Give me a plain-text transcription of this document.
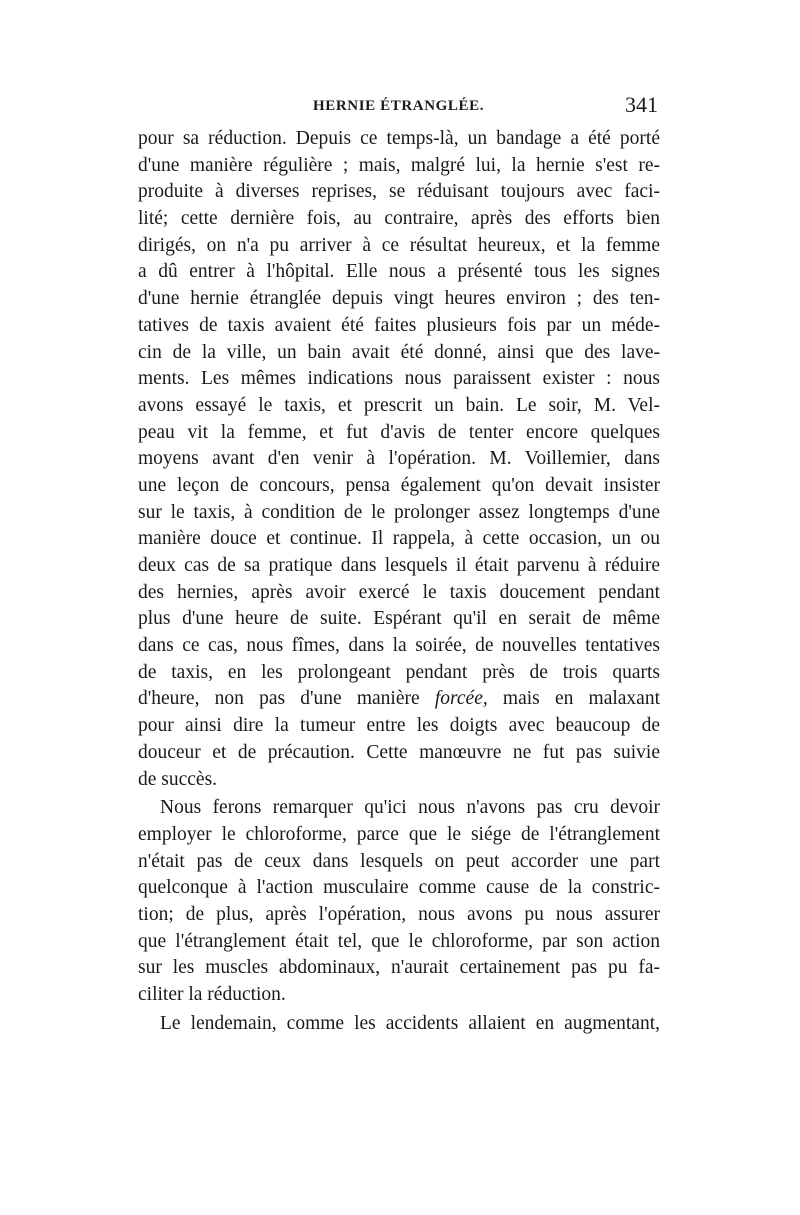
HERNIE ÉTRANGLÉE.	341
pour sa réduction. Depuis ce temps-là, un bandage a été porté
d'une manière régulière ; mais, malgré lui, la hernie s'est re-
produite à diverses reprises, se réduisant toujours avec faci-
lité; cette dernière fois, au contraire, après des efforts bien
dirigés, on n'a pu arriver à ce résultat heureux, et la femme
a dû entrer à l'hôpital. Elle nous a présenté tous les signes
d'une hernie étranglée depuis vingt heures environ ; des ten-
tatives de taxis avaient été faites plusieurs fois par un méde-
cin de la ville, un bain avait été donné, ainsi que des lave-
ments. Les mêmes indications nous paraissent exister : nous
avons essayé le taxis, et prescrit un bain. Le soir, M. Vel-
peau vit la femme, et fut d'avis de tenter encore quelques
moyens avant d'en venir à l'opération. M. Voillemier, dans
une leçon de concours, pensa également qu'on devait insister
sur le taxis, à condition de le prolonger assez longtemps d'une
manière douce et continue. Il rappela, à cette occasion, un ou
deux cas de sa pratique dans lesquels il était parvenu à réduire
des hernies, après avoir exercé le taxis doucement pendant
plus d'une heure de suite. Espérant qu'il en serait de même
dans ce cas, nous fîmes, dans la soirée, de nouvelles tentatives
de taxis, en les prolongeant pendant près de trois quarts
d'heure, non pas d'une manière forcée, mais en malaxant
pour ainsi dire la tumeur entre les doigts avec beaucoup de
douceur et de précaution. Cette manœuvre ne fut pas suivie
de succès.
Nous ferons remarquer qu'ici nous n'avons pas cru devoir
employer le chloroforme, parce que le siége de l'étranglement
n'était pas de ceux dans lesquels on peut accorder une part
quelconque à l'action musculaire comme cause de la constric-
tion; de plus, après l'opération, nous avons pu nous assurer
que l'étranglement était tel, que le chloroforme, par son action
sur les muscles abdominaux, n'aurait certainement pas pu fa-
ciliter la réduction.
Le lendemain, comme les accidents allaient en augmentant,
